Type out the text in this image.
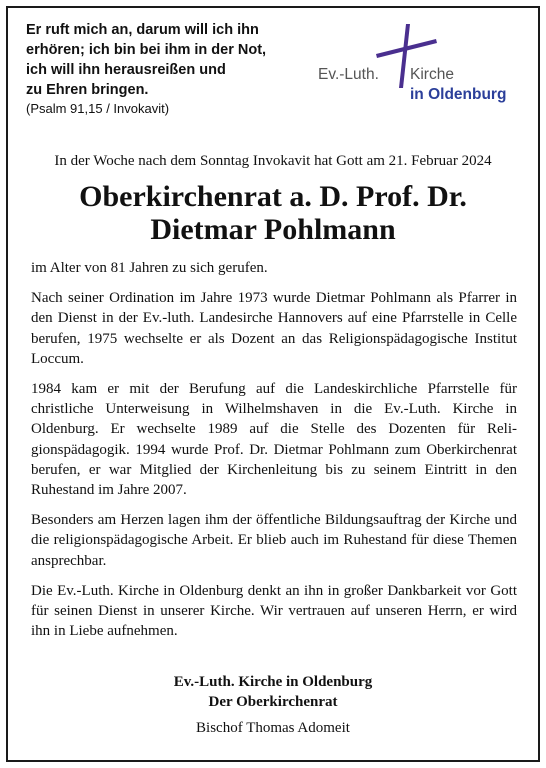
Er ruft mich an, darum will ich ihn
erhören; ich bin bei ihm in der Not,
ich will ihn herausreißen und
zu Ehren bringen.
(Psalm 91,15 / Invokavit)
Ev.-Luth. Kirche
in Oldenburg
In der Woche nach dem Sonntag Invokavit hat Gott am 21. Februar 2024
Oberkirchenrat a. D. Prof. Dr.
Dietmar Pohlmann

im Alter von 81 Jahren zu sich gerufen.

Nach seiner Ordination im Jahre 1973 wurde Dietmar Pohlmann als Pfarrer in den Dienst in der Ev.-luth. Landesirche Hannovers auf eine Pfarrstelle in Celle berufen, 1975 wechselte er als Dozent an das Religionspädagogische Institut Loccum.

1984 kam er mit der Berufung auf die Landeskirchliche Pfarrstelle für christliche Unterweisung in Wilhelmshaven in die Ev.-Luth. Kirche in Oldenburg. Er wechselte 1989 auf die Stelle des Dozenten für Religionspädagogik. 1994 wurde Prof. Dr. Dietmar Pohlmann zum Oberkirchenrat berufen, er war Mitglied der Kirchenleitung bis zu seinem Eintritt in den Ruhestand im Jahre 2007.

Besonders am Herzen lagen ihm der öffentliche Bildungsauftrag der Kirche und die religionspädagogische Arbeit. Er blieb auch im Ruhestand für diese Themen ansprechbar.

Die Ev.-Luth. Kirche in Oldenburg denkt an ihn in großer Dankbarkeit vor Gott für seinen Dienst in unserer Kirche. Wir vertrauen auf unseren Herrn, er wird ihn in Liebe aufnehmen.

Ev.-Luth. Kirche in Oldenburg
Der Oberkirchenrat
Bischof Thomas Adomeit
